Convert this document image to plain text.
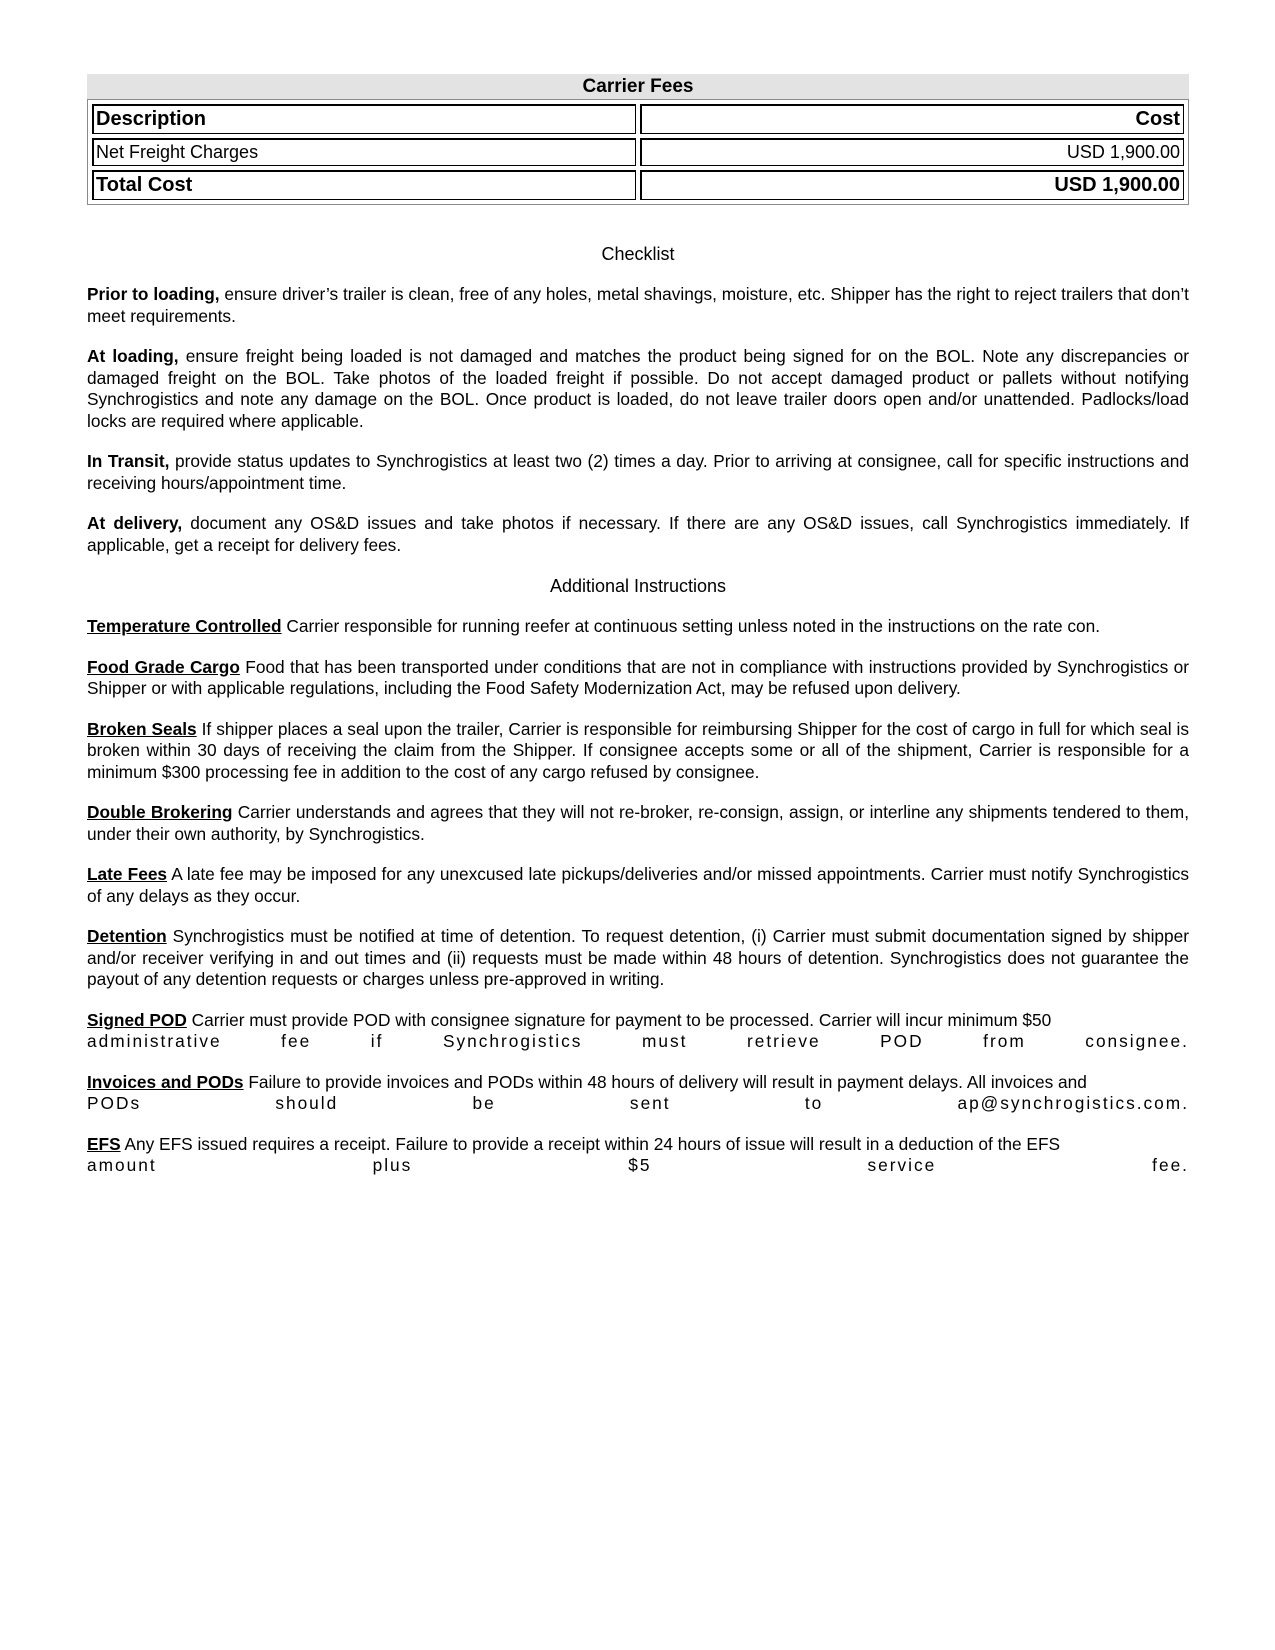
Carrier Fees
Description	Cost
Net Freight Charges	USD 1,900.00
Total Cost	USD 1,900.00

Checklist

Prior to loading, ensure driver’s trailer is clean, free of any holes, metal shavings, moisture, etc. Shipper has the right to reject trailers that don’t meet requirements.

At loading, ensure freight being loaded is not damaged and matches the product being signed for on the BOL. Note any discrepancies or damaged freight on the BOL. Take photos of the loaded freight if possible. Do not accept damaged product or pallets without notifying Synchrogistics and note any damage on the BOL. Once product is loaded, do not leave trailer doors open and/or unattended. Padlocks/load locks are required where applicable.

In Transit, provide status updates to Synchrogistics at least two (2) times a day. Prior to arriving at consignee, call for specific instructions and receiving hours/appointment time.

At delivery, document any OS&D issues and take photos if necessary. If there are any OS&D issues, call Synchrogistics immediately. If applicable, get a receipt for delivery fees.

Additional Instructions

Temperature Controlled Carrier responsible for running reefer at continuous setting unless noted in the instructions on the rate con.

Food Grade Cargo Food that has been transported under conditions that are not in compliance with instructions provided by Synchrogistics or Shipper or with applicable regulations, including the Food Safety Modernization Act, may be refused upon delivery.

Broken Seals If shipper places a seal upon the trailer, Carrier is responsible for reimbursing Shipper for the cost of cargo in full for which seal is broken within 30 days of receiving the claim from the Shipper. If consignee accepts some or all of the shipment, Carrier is responsible for a minimum $300 processing fee in addition to the cost of any cargo refused by consignee.

Double Brokering Carrier understands and agrees that they will not re-broker, re-consign, assign, or interline any shipments tendered to them, under their own authority, by Synchrogistics.

Late Fees A late fee may be imposed for any unexcused late pickups/deliveries and/or missed appointments. Carrier must notify Synchrogistics of any delays as they occur.

Detention Synchrogistics must be notified at time of detention. To request detention, (i) Carrier must submit documentation signed by shipper and/or receiver verifying in and out times and (ii) requests must be made within 48 hours of detention. Synchrogistics does not guarantee the payout of any detention requests or charges unless pre-approved in writing.

Signed POD Carrier must provide POD with consignee signature for payment to be processed. Carrier will incur minimum $50

administrative	fee	if	Synchrogistics	must	retrieve	POD	from	consignee.

Invoices and PODs Failure to provide invoices and PODs within 48 hours of delivery will result in payment delays. All invoices and

PODs	should	be	sent	to	ap@synchrogistics.com.

EFS Any EFS issued requires a receipt. Failure to provide a receipt within 24 hours of issue will result in a deduction of the EFS

amount	plus	$5	service	fee.
